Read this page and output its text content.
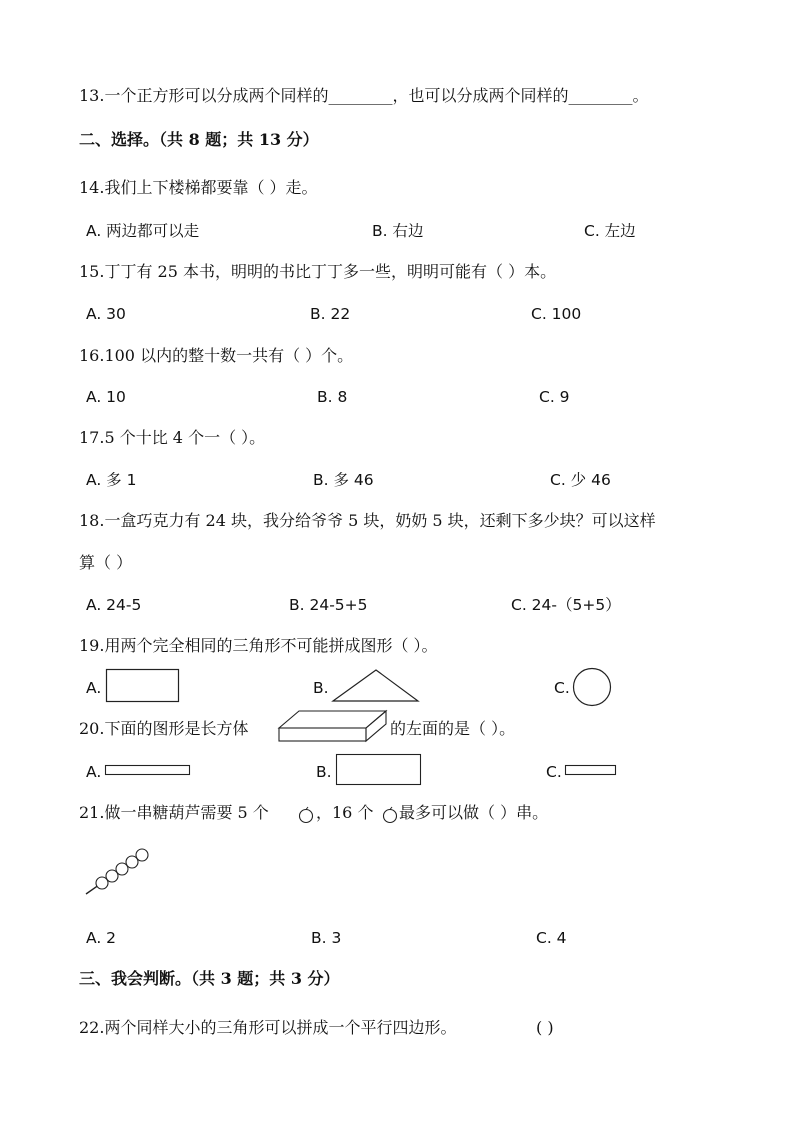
13.一个正方形可以分成两个同样的________，也可以分成两个同样的________。
二、选择。（共 8 题；共 13 分）
14.我们上下楼梯都要靠（ ）走。
A. 两边都可以走	B. 右边	C. 左边
15.丁丁有 25 本书，明明的书比丁丁多一些，明明可能有（ ）本。
A. 30	B. 22	C. 100
16.100 以内的整十数一共有（ ）个。
A. 10	B. 8	C. 9
17.5 个十比 4 个一（ ）。
A. 多 1	B. 多 46	C. 少 46
18.一盒巧克力有 24 块，我分给爷爷 5 块，奶奶 5 块，还剩下多少块？可以这样
算（ ）
A. 24-5	B. 24-5+5	C. 24-（5+5）
19.用两个完全相同的三角形不可能拼成图形（ ）。
A.	B.	C.
20.下面的图形是长方体	的左面的是（ ）。
A.	B.	C.
21.做一串糖葫芦需要 5 个	，16 个 最多可以做（ ）串。
A. 2	B. 3	C. 4
三、我会判断。（共 3 题；共 3 分）
22.两个同样大小的三角形可以拼成一个平行四边形。	( )
